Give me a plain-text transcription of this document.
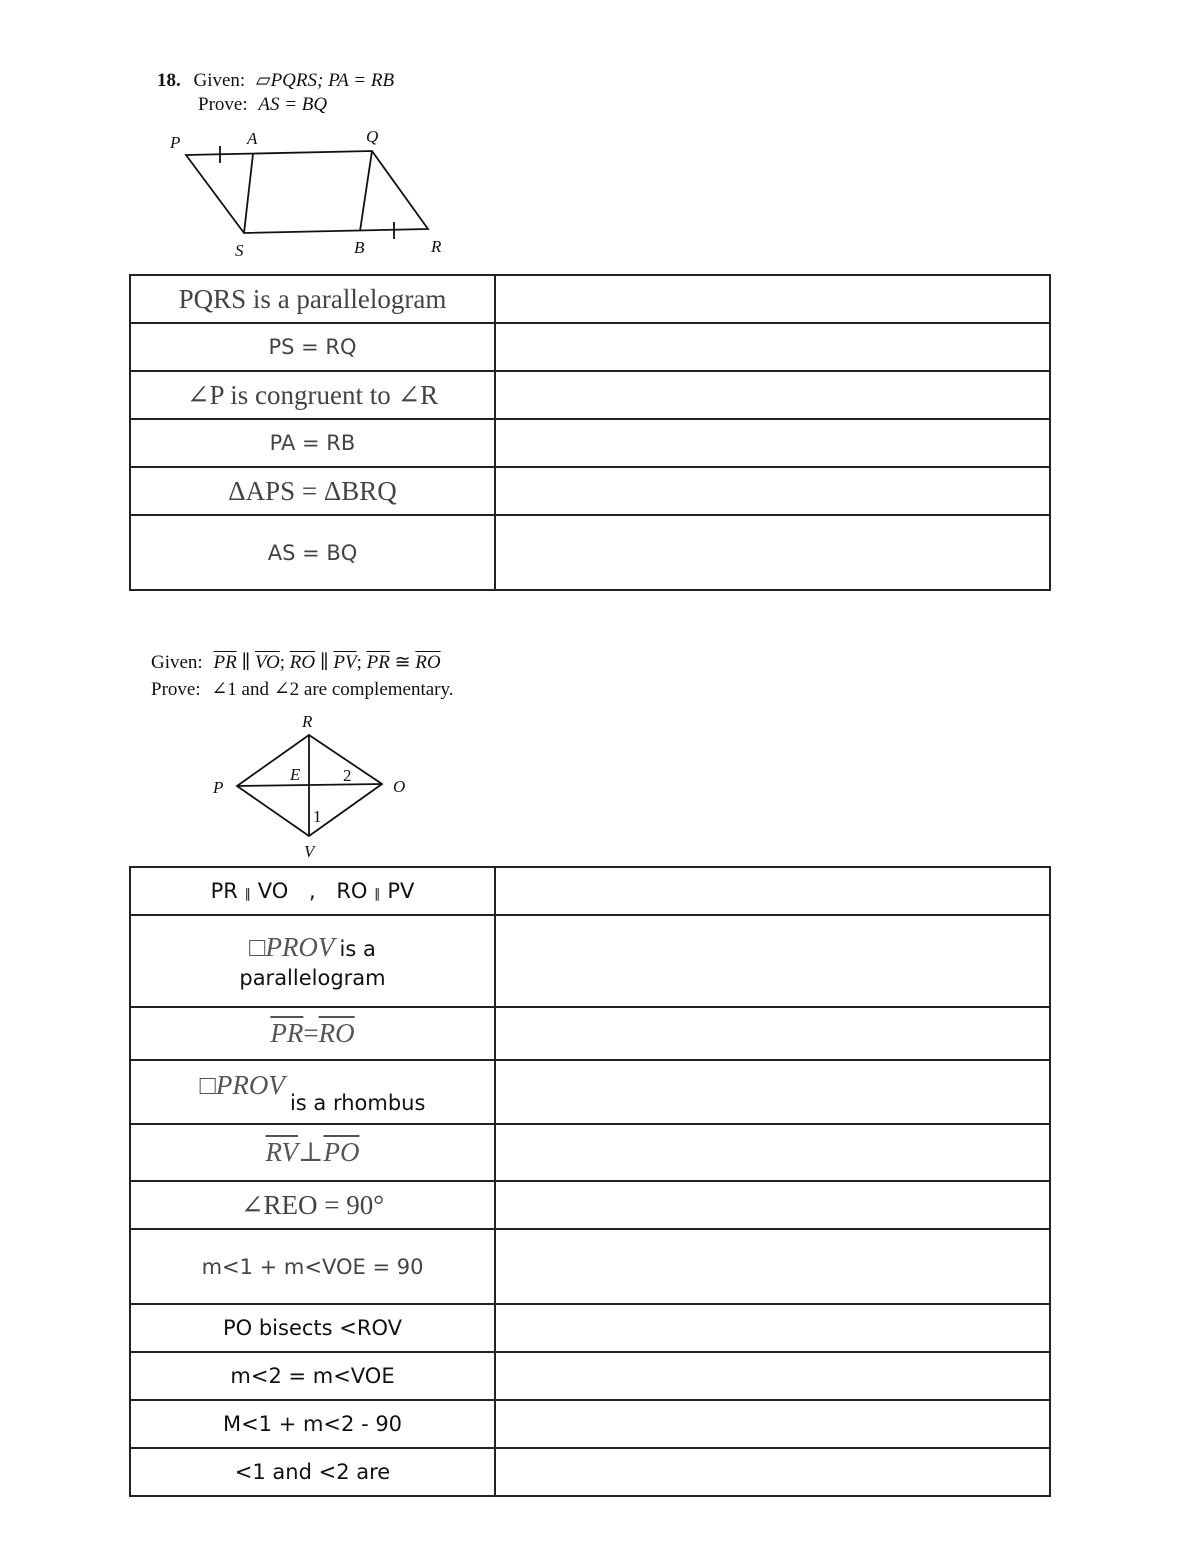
18. Given: ▱PQRS; PA = RB
Prove: AS = BQ
P	A	Q
S	B	R
PQRS is a parallelogram	
PS = RQ	
∠P is congruent to ∠R	
PA = RB	
ΔAPS = ΔBRQ	
AS = BQ	
Given: $\overline{PR}$ ∥ $\overline{VO}$; $\overline{RO}$ ∥ $\overline{PV}$; $\overline{PR}$ ≅ $\overline{RO}$
Prove: ∠1 and ∠2 are complementary.
R
P	O
V
E	2
1
PR ∥ VO , RO ∥ PV	

□PROV is a parallelogram	

$\overline{PR}=\overline{RO}$	
□PROV is a rhombus	
$\overline{RV}\perp\overline{PO}$	
∠REO = 90°	
m<1 + m<VOE = 90	
PO bisects <ROV	
m<2 = m<VOE	
M<1 + m<2 - 90	
<1 and <2 are	
